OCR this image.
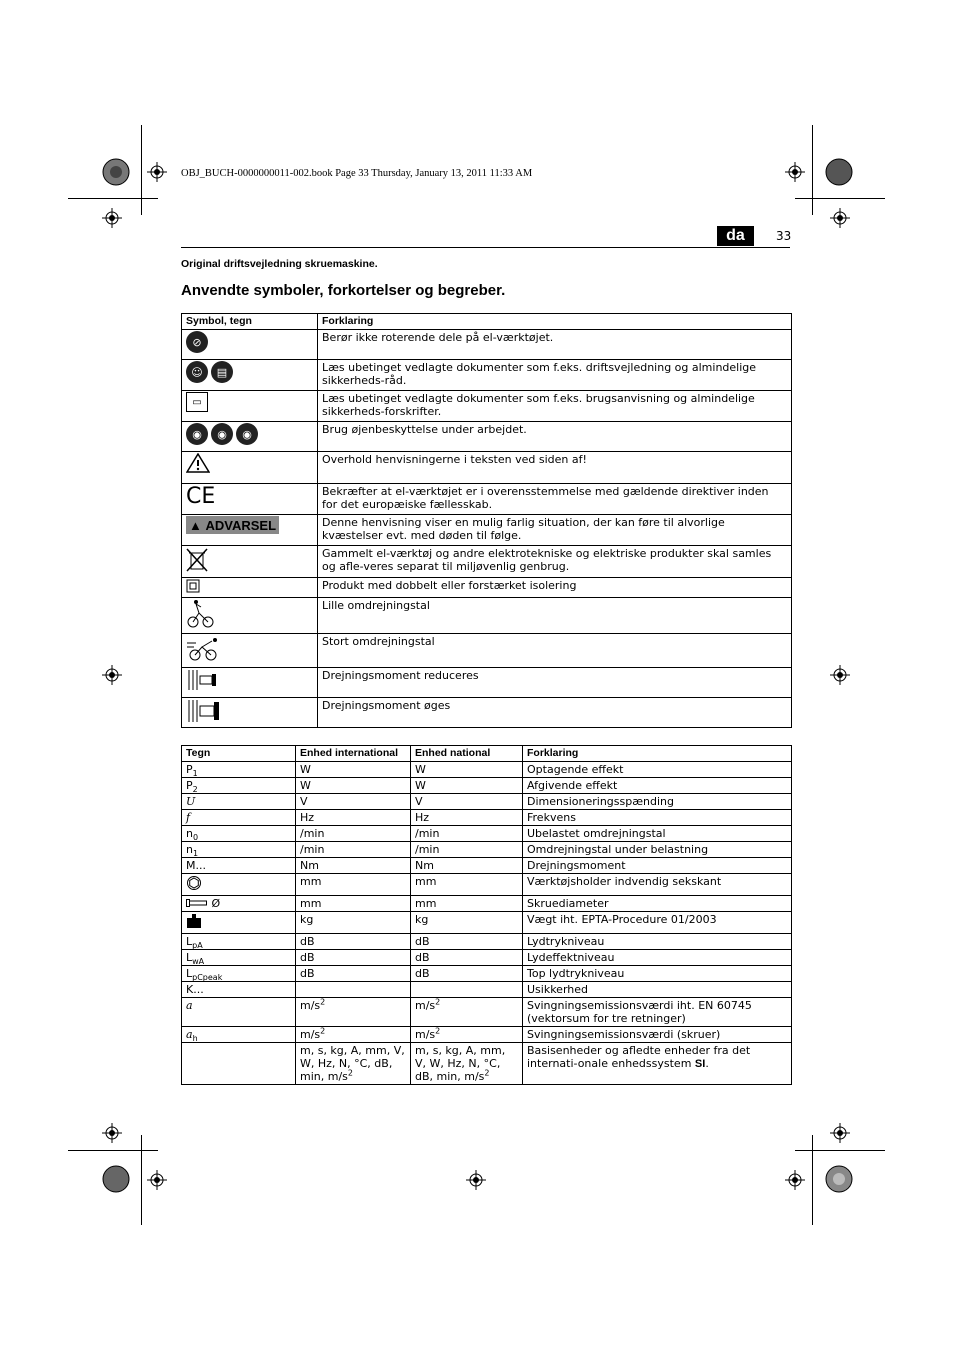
OBJ_BUCH-0000000011-002.book Page 33 Thursday, January 13, 2011 11:33 AM
da	33
Original driftsvejledning skruemaskine.
Anvendte symboler, forkortelser og begreber.
Symbol, tegn	Forklaring

⊘	Berør ikke roterende dele på el-værktøjet.

☺ ▤	Læs ubetinget vedlagte dokumenter som f.eks. driftsvejledning og almindelige sikkerheds-råd.
▭	Læs ubetinget vedlagte dokumenter som f.eks. brugsanvisning og almindelige sikkerheds-forskrifter.

◉ ◉ ◉	Brug øjenbeskyttelse under arbejdet.
	Overhold henvisningerne i teksten ved siden af!
CE	Bekræfter at el-værktøjet er i overensstemmelse med gældende direktiver inden for det europæiske fællesskab.
▲ ADVARSEL	Denne henvisning viser en mulig farlig situation, der kan føre til alvorlige kvæstelser evt. med døden til følge.
	Gammelt el-værktøj og andre elektrotekniske og elektriske produkter skal samles og afle-veres separat til miljøvenlig genbrug.
	Produkt med dobbelt eller forstærket isolering
	Lille omdrejningstal
	Stort omdrejningstal
	Drejningsmoment reduceres
	Drejningsmoment øges
Tegn	Enhed international	Enhed national	Forklaring
$P_1$	W	W	Optagende effekt
$P_2$	W	W	Afgivende effekt
U	V	V	Dimensioneringsspænding
f	Hz	Hz	Frekvens
$n_0$	/min	/min	Ubelastet omdrejningstal
$n_1$	/min	/min	Omdrejningstal under belastning
M...	Nm	Nm	Drejningsmoment
	mm	mm	Værktøjsholder indvendig sekskant
Ø	mm	mm	Skruediameter
	kg	kg	Vægt iht. EPTA-Procedure 01/2003
$L_{pA}$	dB	dB	Lydtrykniveau
$L_{wA}$	dB	dB	Lydeffektniveau
$L_{pCpeak}$	dB	dB	Top lydtrykniveau
K...			Usikkerhed
a	$m/s^2$	$m/s^2$	Svingningsemissionsværdi iht. EN 60745 (vektorsum for tre retninger)
$a_h$	$m/s^2$	$m/s^2$	Svingningsemissionsværdi (skruer)
	m, s, kg, A, mm, V, W, Hz, N, °C, dB, min, $m/s^2$	m, s, kg, A, mm, V, W, Hz, N, °C, dB, min, $m/s^2$	Basisenheder og afledte enheder fra det internati-onale enhedssystem SI.
